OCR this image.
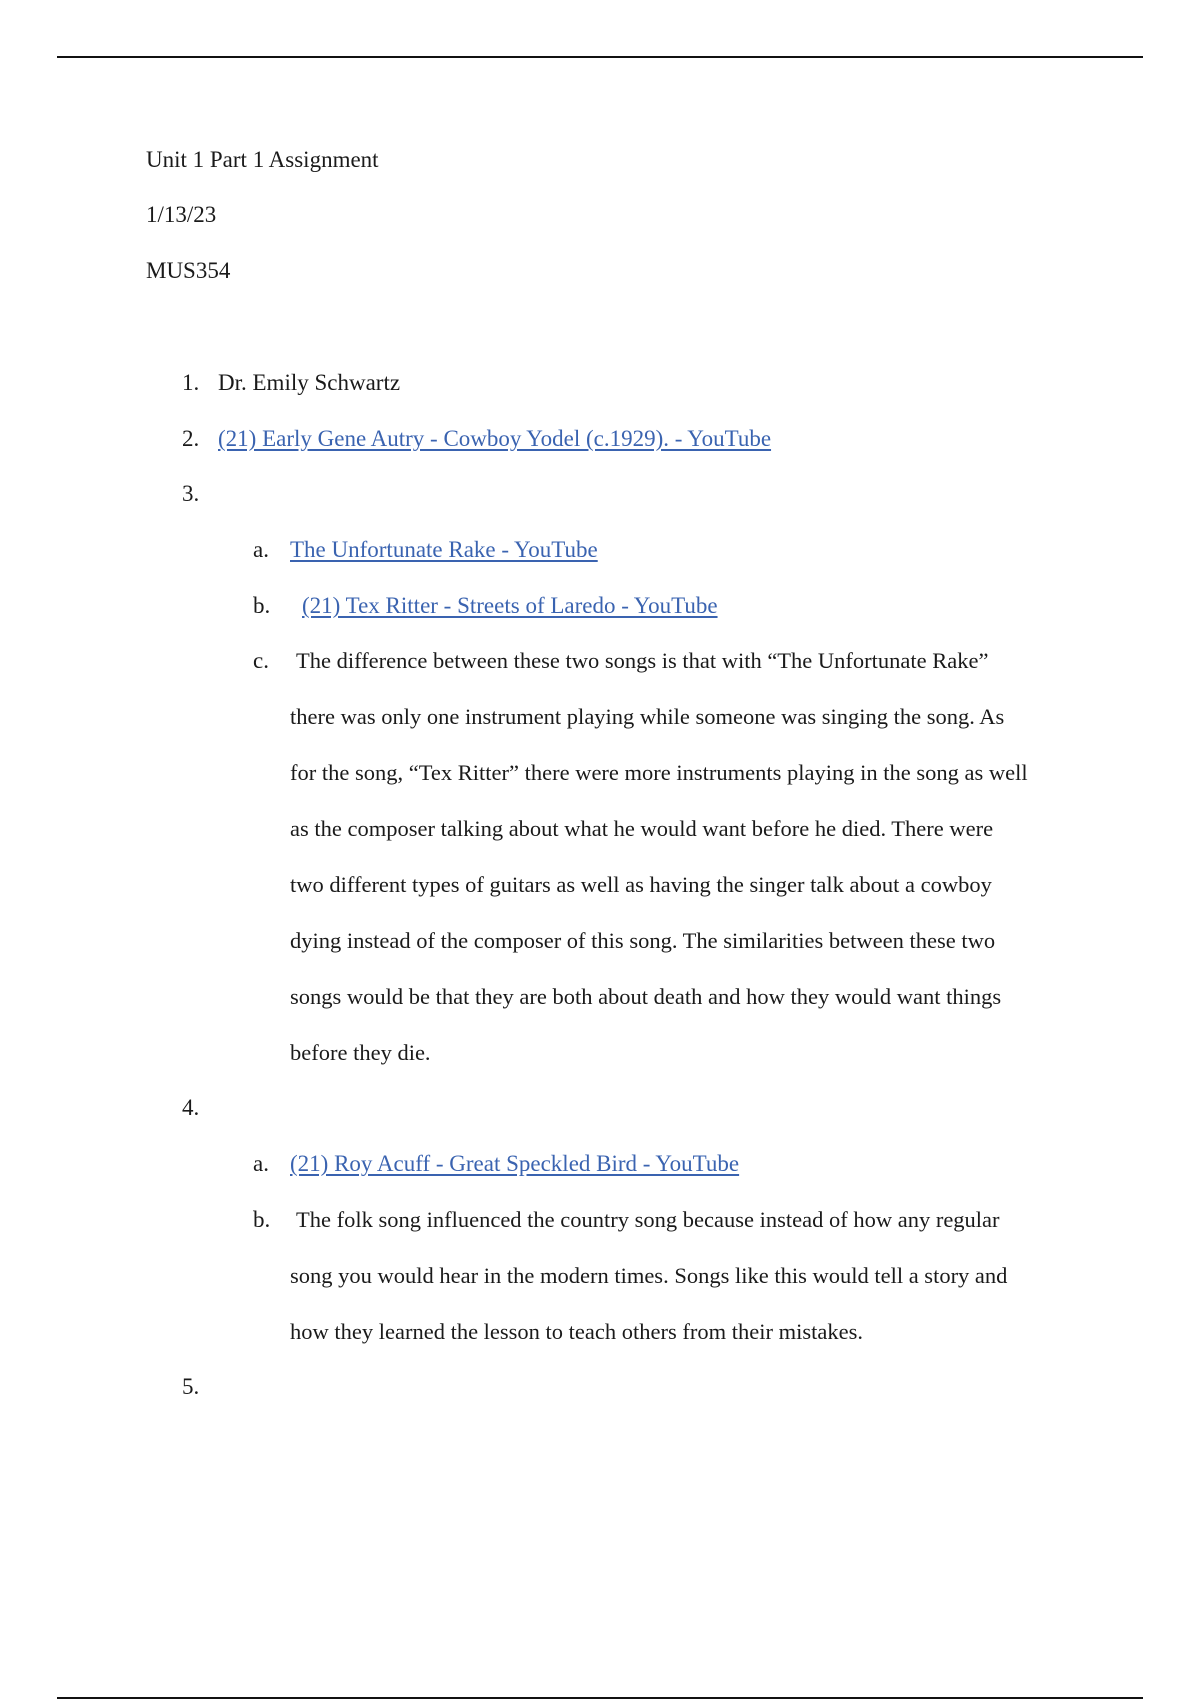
Unit 1 Part 1 Assignment
1/13/23
MUS354
1. Dr. Emily Schwartz
2. (21) Early Gene Autry - Cowboy Yodel (c.1929). - YouTube
3.
a. The Unfortunate Rake - YouTube
b. (21) Tex Ritter - Streets of Laredo - YouTube
c. The difference between these two songs is that with “The Unfortunate Rake”
there was only one instrument playing while someone was singing the song. As
for the song, “Tex Ritter” there were more instruments playing in the song as well
as the composer talking about what he would want before he died. There were
two different types of guitars as well as having the singer talk about a cowboy
dying instead of the composer of this song. The similarities between these two
songs would be that they are both about death and how they would want things
before they die.
4.
a. (21) Roy Acuff - Great Speckled Bird - YouTube
b. The folk song influenced the country song because instead of how any regular
song you would hear in the modern times. Songs like this would tell a story and
how they learned the lesson to teach others from their mistakes.
5.
